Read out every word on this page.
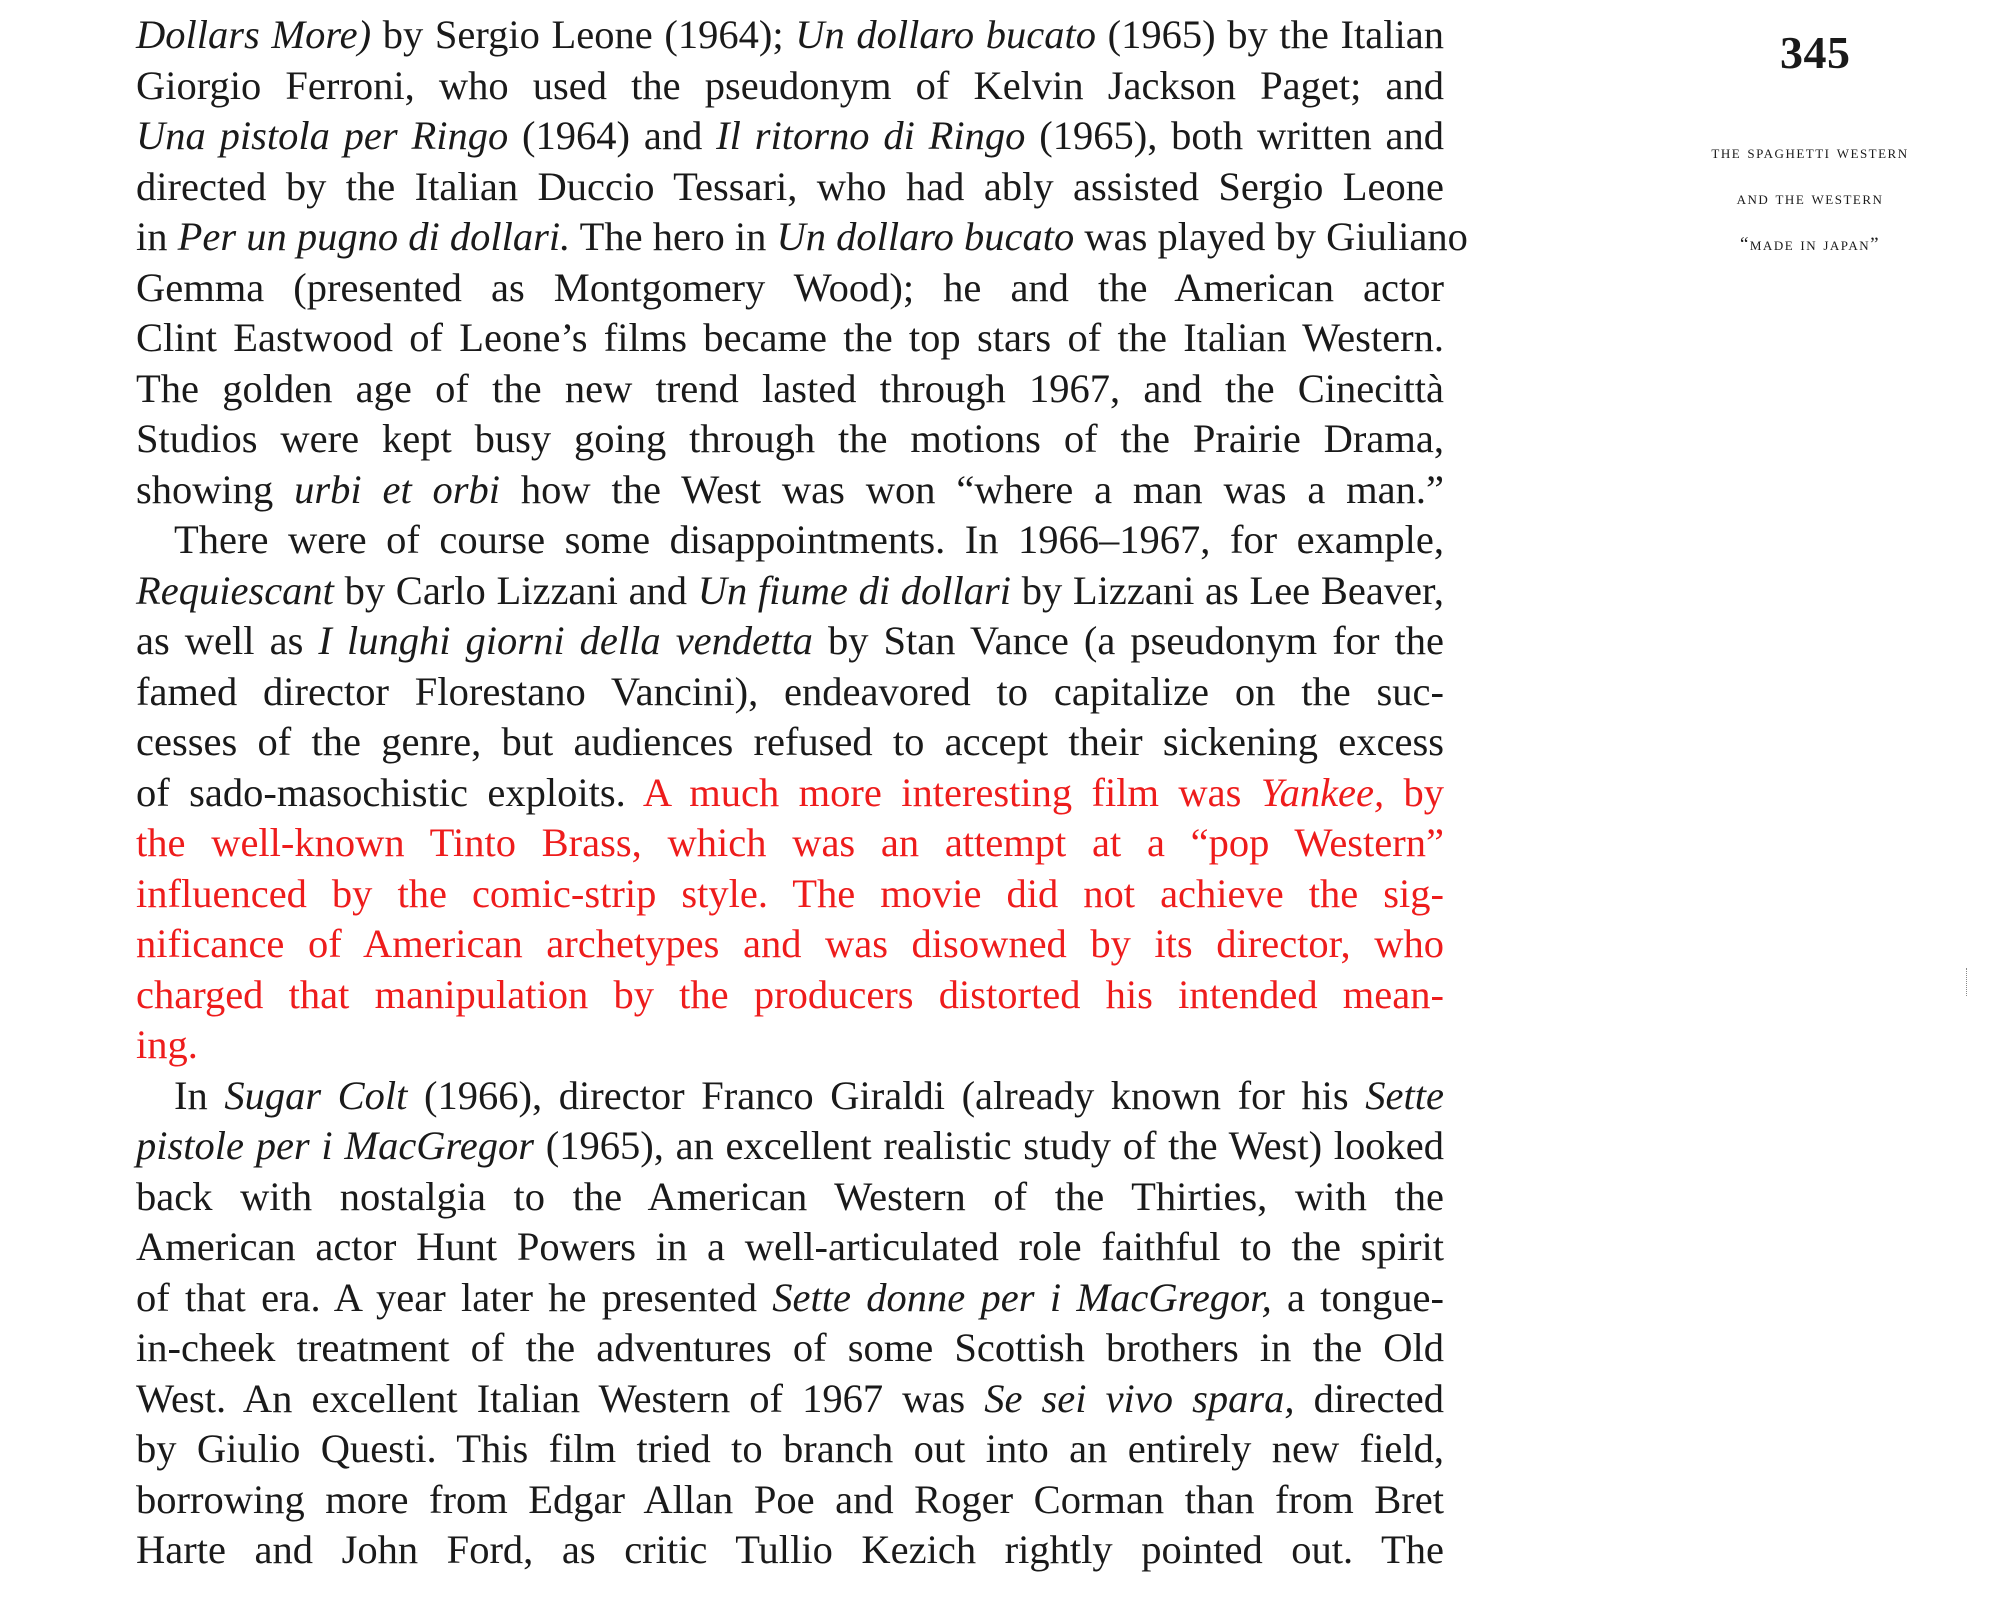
345
the spaghetti western
and the western
“made in japan”
Dollars More) by Sergio Leone (1964); Un dollaro bucato (1965) by the Italian
Giorgio Ferroni, who used the pseudonym of Kelvin Jackson Paget; and
Una pistola per Ringo (1964) and Il ritorno di Ringo (1965), both written and
directed by the Italian Duccio Tessari, who had ably assisted Sergio Leone
in Per un pugno di dollari. The hero in Un dollaro bucato was played by Giuliano
Gemma (presented as Montgomery Wood); he and the American actor
Clint Eastwood of Leone’s films became the top stars of the Italian Western.
The golden age of the new trend lasted through 1967, and the Cinecittà
Studios were kept busy going through the motions of the Prairie Drama,
showing urbi et orbi how the West was won “where a man was a man.”
There were of course some disappointments. In 1966–1967, for example,
Requiescant by Carlo Lizzani and Un fiume di dollari by Lizzani as Lee Beaver,
as well as I lunghi giorni della vendetta by Stan Vance (a pseudonym for the
famed director Florestano Vancini), endeavored to capitalize on the suc-
cesses of the genre, but audiences refused to accept their sickening excess
of sado-masochistic exploits. A much more interesting film was Yankee, by
the well-known Tinto Brass, which was an attempt at a “pop Western”
influenced by the comic-strip style. The movie did not achieve the sig-
nificance of American archetypes and was disowned by its director, who
charged that manipulation by the producers distorted his intended mean-
ing.
In Sugar Colt (1966), director Franco Giraldi (already known for his Sette
pistole per i MacGregor (1965), an excellent realistic study of the West) looked
back with nostalgia to the American Western of the Thirties, with the
American actor Hunt Powers in a well-articulated role faithful to the spirit
of that era. A year later he presented Sette donne per i MacGregor, a tongue-
in-cheek treatment of the adventures of some Scottish brothers in the Old
West. An excellent Italian Western of 1967 was Se sei vivo spara, directed
by Giulio Questi. This film tried to branch out into an entirely new field,
borrowing more from Edgar Allan Poe and Roger Corman than from Bret
Harte and John Ford, as critic Tullio Kezich rightly pointed out. The
